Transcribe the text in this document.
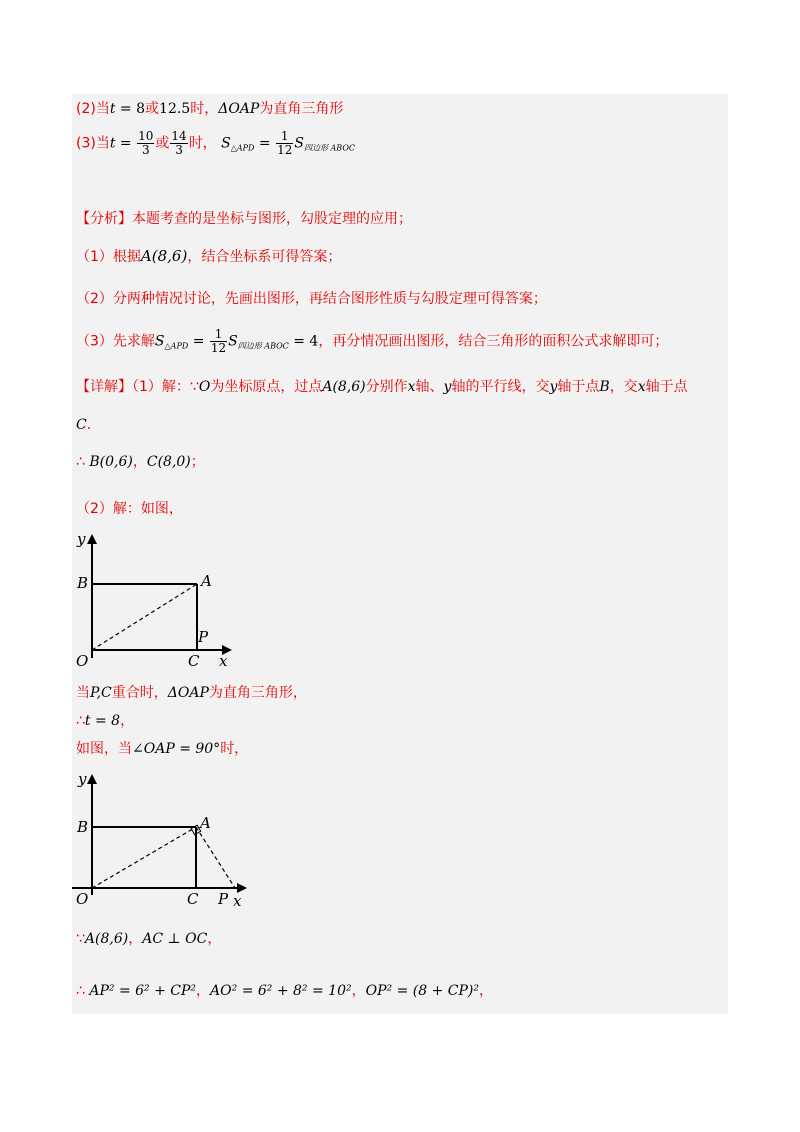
(2)当t = 8或12.5时，ΔOAP为直角三角形
(3)当$t = \frac{10}{3}$ 或 $\frac{14}{3}$ 时， $S_{\triangle APD} = \frac{1}{12} S_{四边形 ABOC}$
【分析】本题考查的是坐标与图形，勾股定理的应用；
（1）根据A(8,6)，结合坐标系可得答案；
（2）分两种情况讨论，先画出图形，再结合图形性质与勾股定理可得答案；
（3）先求解$S_{\triangle APD} = \frac{1}{12} S_{四边形 ABOC} = 4$，再分情况画出图形，结合三角形的面积公式求解即可；
【详解】（1）解：∵O为坐标原点，过点A(8,6)分别作x轴、y轴的平行线，交y轴于点B，交x轴于点
C.
∴ B(0,6)，C(8,0)；
（2）解：如图，
y
B	A
P
O	C x
当P,C重合时，ΔOAP为直角三角形，
∴t = 8，
如图，当∠OAP = 90°时，
y
B	A
P
O	C x
∵A(8,6)，AC ⊥ OC，
∴ AP² = 6² + CP²，AO² = 6² + 8² = 10²，OP² = (8 + CP)²，
